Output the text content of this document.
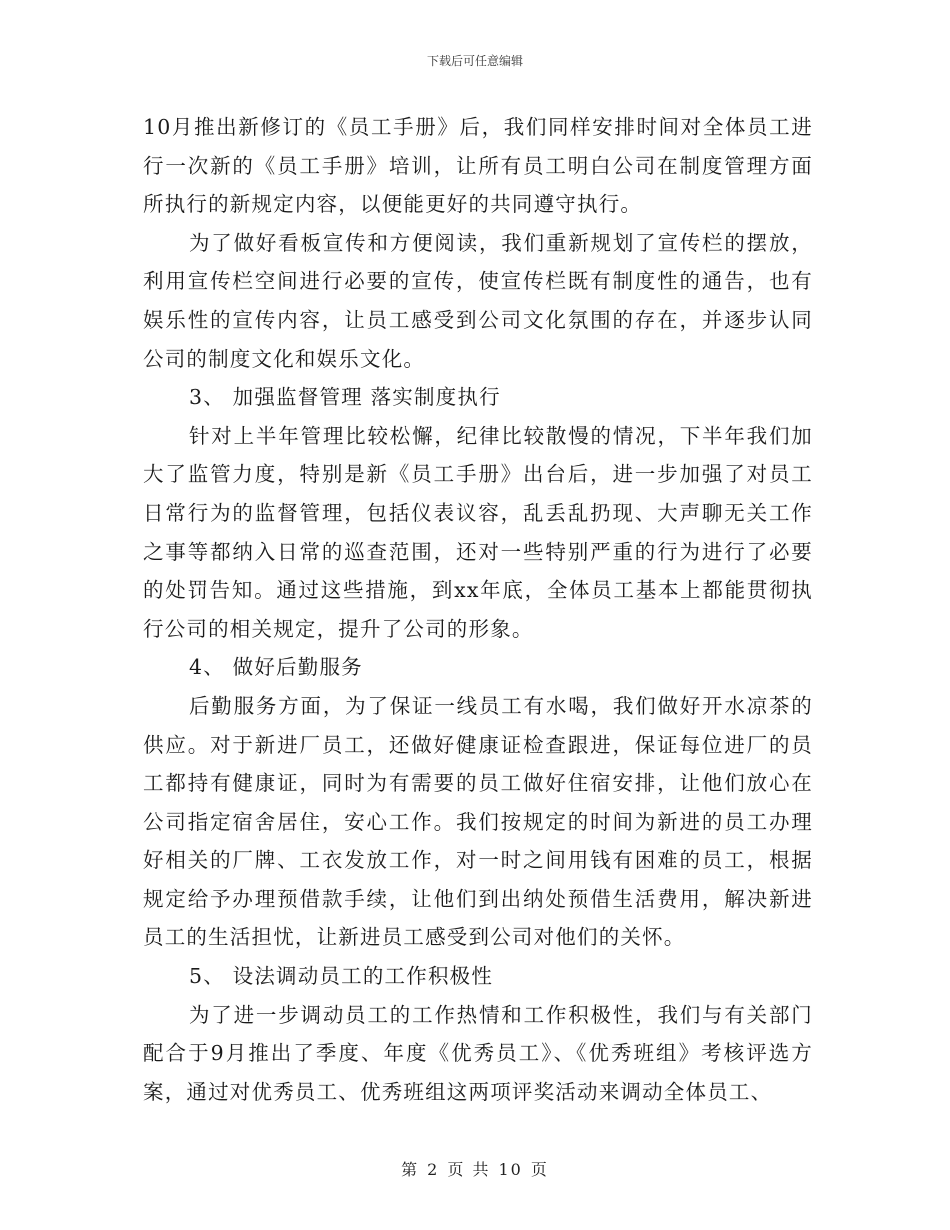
下载后可任意编辑

10月推出新修订的《员工手册》后，我们同样安排时间对全体员工进行一次新的《员工手册》培训，让所有员工明白公司在制度管理方面所执行的新规定内容，以便能更好的共同遵守执行。

为了做好看板宣传和方便阅读，我们重新规划了宣传栏的摆放，利用宣传栏空间进行必要的宣传，使宣传栏既有制度性的通告，也有娱乐性的宣传内容，让员工感受到公司文化氛围的存在，并逐步认同公司的制度文化和娱乐文化。

3、 加强监督管理 落实制度执行

针对上半年管理比较松懈，纪律比较散慢的情况，下半年我们加大了监管力度，特别是新《员工手册》出台后，进一步加强了对员工日常行为的监督管理，包括仪表议容，乱丢乱扔现、大声聊无关工作之事等都纳入日常的巡查范围，还对一些特别严重的行为进行了必要的处罚告知。通过这些措施，到xx年底，全体员工基本上都能贯彻执行公司的相关规定，提升了公司的形象。

4、 做好后勤服务

后勤服务方面，为了保证一线员工有水喝，我们做好开水凉茶的供应。对于新进厂员工，还做好健康证检查跟进，保证每位进厂的员工都持有健康证，同时为有需要的员工做好住宿安排，让他们放心在公司指定宿舍居住，安心工作。我们按规定的时间为新进的员工办理好相关的厂牌、工衣发放工作，对一时之间用钱有困难的员工，根据规定给予办理预借款手续，让他们到出纳处预借生活费用，解决新进员工的生活担忧，让新进员工感受到公司对他们的关怀。

5、 设法调动员工的工作积极性

为了进一步调动员工的工作热情和工作积极性，我们与有关部门配合于9月推出了季度、年度《优秀员工》、《优秀班组》考核评选方案，通过对优秀员工、优秀班组这两项评奖活动来调动全体员工、

第 2 页 共 10 页
